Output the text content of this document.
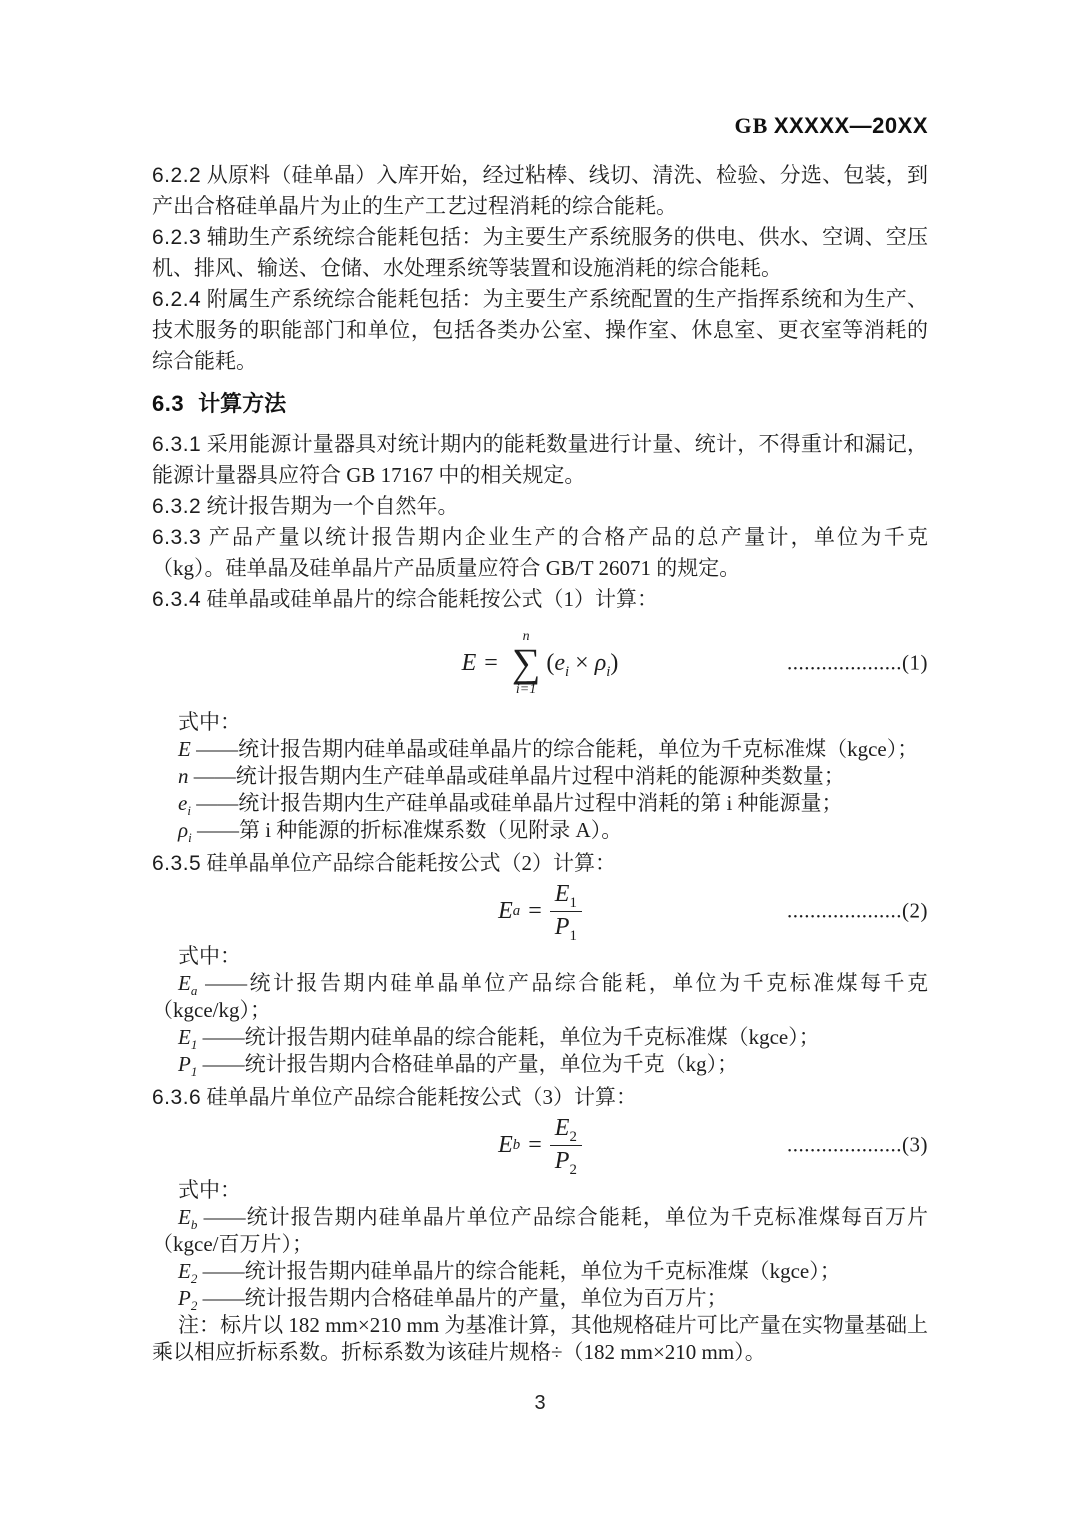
GB XXXXX—20XX

6.2.2 从原料（硅单晶）入库开始，经过粘棒、线切、清洗、检验、分选、包装，到产出合格硅单晶片为止的生产工艺过程消耗的综合能耗。

6.2.3 辅助生产系统综合能耗包括：为主要生产系统服务的供电、供水、空调、空压机、排风、输送、仓储、水处理系统等装置和设施消耗的综合能耗。

6.2.4 附属生产系统综合能耗包括：为主要生产系统配置的生产指挥系统和为生产、技术服务的职能部门和单位，包括各类办公室、操作室、休息室、更衣室等消耗的综合能耗。

6.3 计算方法

6.3.1 采用能源计量器具对统计期内的能耗数量进行计量、统计，不得重计和漏记，能源计量器具应符合 GB 17167 中的相关规定。

6.3.2 统计报告期为一个自然年。

6.3.3 产品产量以统计报告期内企业生产的合格产品的总产量计，单位为千克（kg）。硅单晶及硅单晶片产品质量应符合 GB/T 26071 的规定。

6.3.4 硅单晶或硅单晶片的综合能耗按公式（1）计算：

E =
n
∑
i=1
$(e_i \times \rho_i)$	....................(1)

式中：

E ——统计报告期内硅单晶或硅单晶片的综合能耗，单位为千克标准煤（kgce）；

n ——统计报告期内生产硅单晶或硅单晶片过程中消耗的能源种类数量；

$e_i$ ——统计报告期内生产硅单晶或硅单晶片过程中消耗的第 i 种能源量；

$\rho_i$ ——第 i 种能源的折标准煤系数（见附录 A）。

6.3.5 硅单晶单位产品综合能耗按公式（2）计算：

E $a = \frac{E_1}{P_1}$	....................(2)

式中：

$E_a$ ——统计报告期内硅单晶单位产品综合能耗，单位为千克标准煤每千克（kgce/kg）；

$E_1$ ——统计报告期内硅单晶的综合能耗，单位为千克标准煤（kgce）；

$P_1$ ——统计报告期内合格硅单晶的产量，单位为千克（kg）；

6.3.6 硅单晶片单位产品综合能耗按公式（3）计算：

E $b = \frac{E_2}{P_2}$	....................(3)

式中：

$E_b$ ——统计报告期内硅单晶片单位产品综合能耗，单位为千克标准煤每百万片（kgce/百万片）；

$E_2$ ——统计报告期内硅单晶片的综合能耗，单位为千克标准煤（kgce）；

$P_2$ ——统计报告期内合格硅单晶片的产量，单位为百万片；

注：标片以 182 mm×210 mm 为基准计算，其他规格硅片可比产量在实物量基础上乘以相应折标系数。折标系数为该硅片规格÷（182 mm×210 mm）。

3
